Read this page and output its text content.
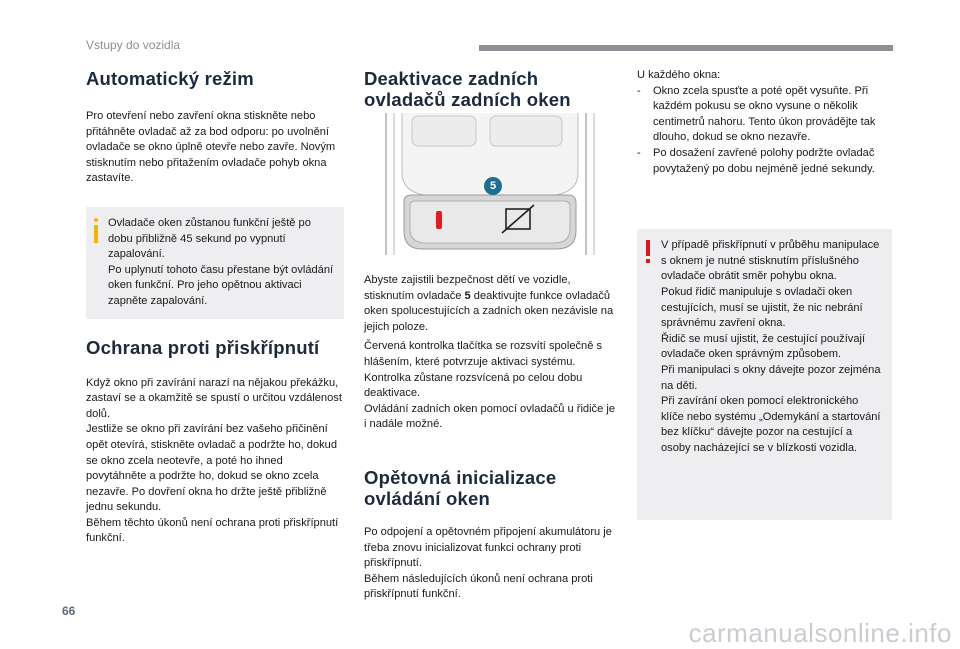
Vstupy do vozidla
Automatický režim

Pro otevření nebo zavření okna stiskněte nebo přitáhněte ovladač až za bod odporu: po uvolnění ovladače se okno úplně otevře nebo zavře. Novým stisknutím nebo přitažením ovladače pohyb okna zastavíte.

Ovladače oken zůstanou funkční ještě po dobu přibližně 45 sekund po vypnutí zapalování.

Po uplynutí tohoto času přestane být ovládání oken funkční. Pro jeho opětnou aktivaci zapněte zapalování.

Ochrana proti přiskřípnutí

Když okno při zavírání narazí na nějakou překážku, zastaví se a okamžitě se spustí o určitou vzdálenost dolů.

Jestliže se okno při zavírání bez vašeho přičinění opět otevírá, stiskněte ovladač a podržte ho, dokud se okno zcela neotevře, a poté ho ihned povytáhněte a podržte ho, dokud se okno zcela nezavře. Po dovření okna ho držte ještě přibližně jednu sekundu.

Během těchto úkonů není ochrana proti přiskřípnutí funkční.

Deaktivace zadních ovladačů zadních oken
5

Abyste zajistili bezpečnost dětí ve vozidle, stisknutím ovladače 5 deaktivujte funkce ovladačů oken spolucestujících a zadních oken nezávisle na jejich poloze.

Červená kontrolka tlačítka se rozsvítí společně s hlášením, které potvrzuje aktivaci systému. Kontrolka zůstane rozsvícená po celou dobu deaktivace.

Ovládání zadních oken pomocí ovladačů u řidiče je i nadále možné.

Opětovná inicializace ovládání oken

Po odpojení a opětovném připojení akumulátoru je třeba znovu inicializovat funkci ochrany proti přiskřípnutí.

Během následujících úkonů není ochrana proti přiskřípnutí funkční.

U každého okna:

-	Okno zcela spusťte a poté opět vysuňte. Při každém pokusu se okno vysune o několik centimetrů nahoru. Tento úkon provádějte tak dlouho, dokud se okno nezavře.
-	Po dosažení zavřené polohy podržte ovladač povytažený po dobu nejméně jedné sekundy.

V případě přiskřípnutí v průběhu manipulace s oknem je nutné stisknutím příslušného ovladače obrátit směr pohybu okna.

Pokud řidič manipuluje s ovladači oken cestujících, musí se ujistit, že nic nebrání správnému zavření okna.

Řidič se musí ujistit, že cestující používají ovladače oken správným způsobem.

Při manipulaci s okny dávejte pozor zejména na děti.

Při zavírání oken pomocí elektronického klíče nebo systému „Odemykání a startování bez klíčku“ dávejte pozor na cestující a osoby nacházející se v blízkosti vozidla.

66
carmanualsonline.info
